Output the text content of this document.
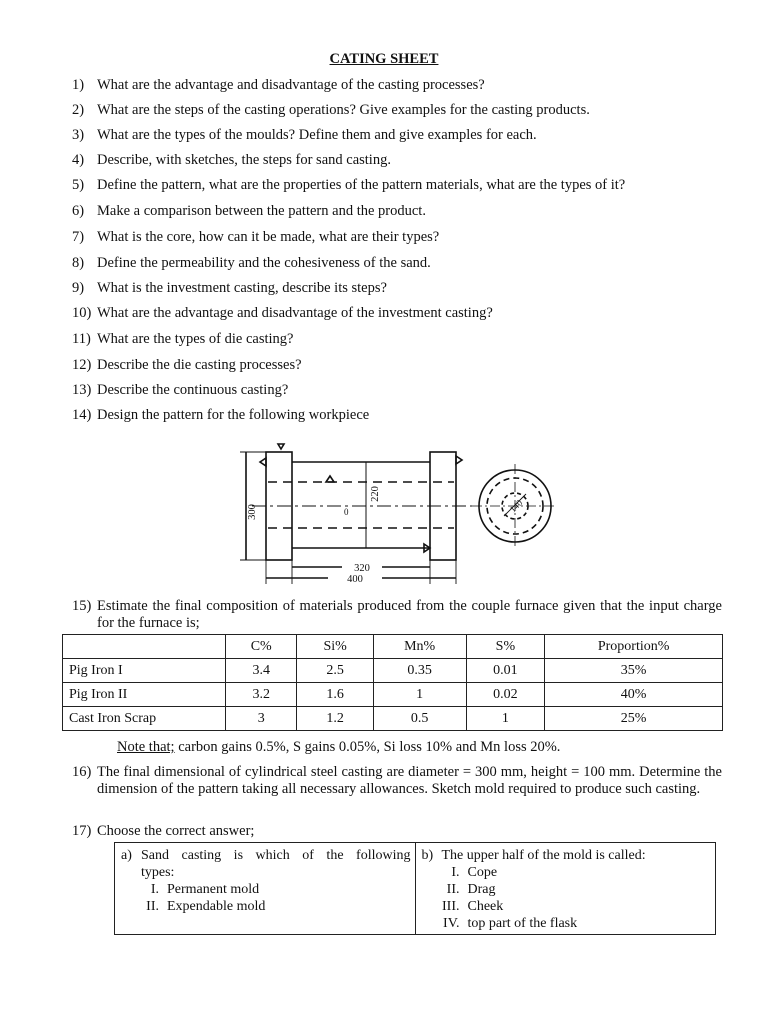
CATING SHEET
1) What are the advantage and disadvantage of the casting processes?
2) What are the steps of the casting operations? Give examples for the casting products.
3) What are the types of the moulds? Define them and give examples for each.
4) Describe, with sketches, the steps for sand casting.
5) Define the pattern, what are the properties of the pattern materials, what are the types of it?
6) Make a comparison between the pattern and the product.
7) What is the core, how can it be made, what are their types?
8) Define the permeability and the cohesiveness of the sand.
9) What is the investment casting, describe its steps?
10) What are the advantage and disadvantage of the investment casting?
11) What are the types of die casting?
12) Describe the die casting processes?
13) Describe the continuous casting?
14) Design the pattern for the following workpiece
300
220
0
320
400
140
15) Estimate the final composition of materials produced from the couple furnace given that the input charge for the furnace is;
	C%	Si%	Mn%	S%	Proportion%
Pig Iron I	3.4	2.5	0.35	0.01	35%
Pig Iron II	3.2	1.6	1	0.02	40%
Cast Iron Scrap	3	1.2	0.5	1	25%
Note that; carbon gains 0.5%, S gains 0.05%, Si loss 10% and Mn loss 20%.
16) The final dimensional of cylindrical steel casting are diameter = 300 mm, height = 100 mm. Determine the dimension of the pattern taking all necessary allowances. Sketch mold required to produce such casting.
17) Choose the correct answer;
a) Sand casting is which of the following
types:
I. Permanent mold
II. Expendable mold

b) The upper half of the mold is called:
I. Cope
II. Drag
III. Cheek
IV. top part of the flask
